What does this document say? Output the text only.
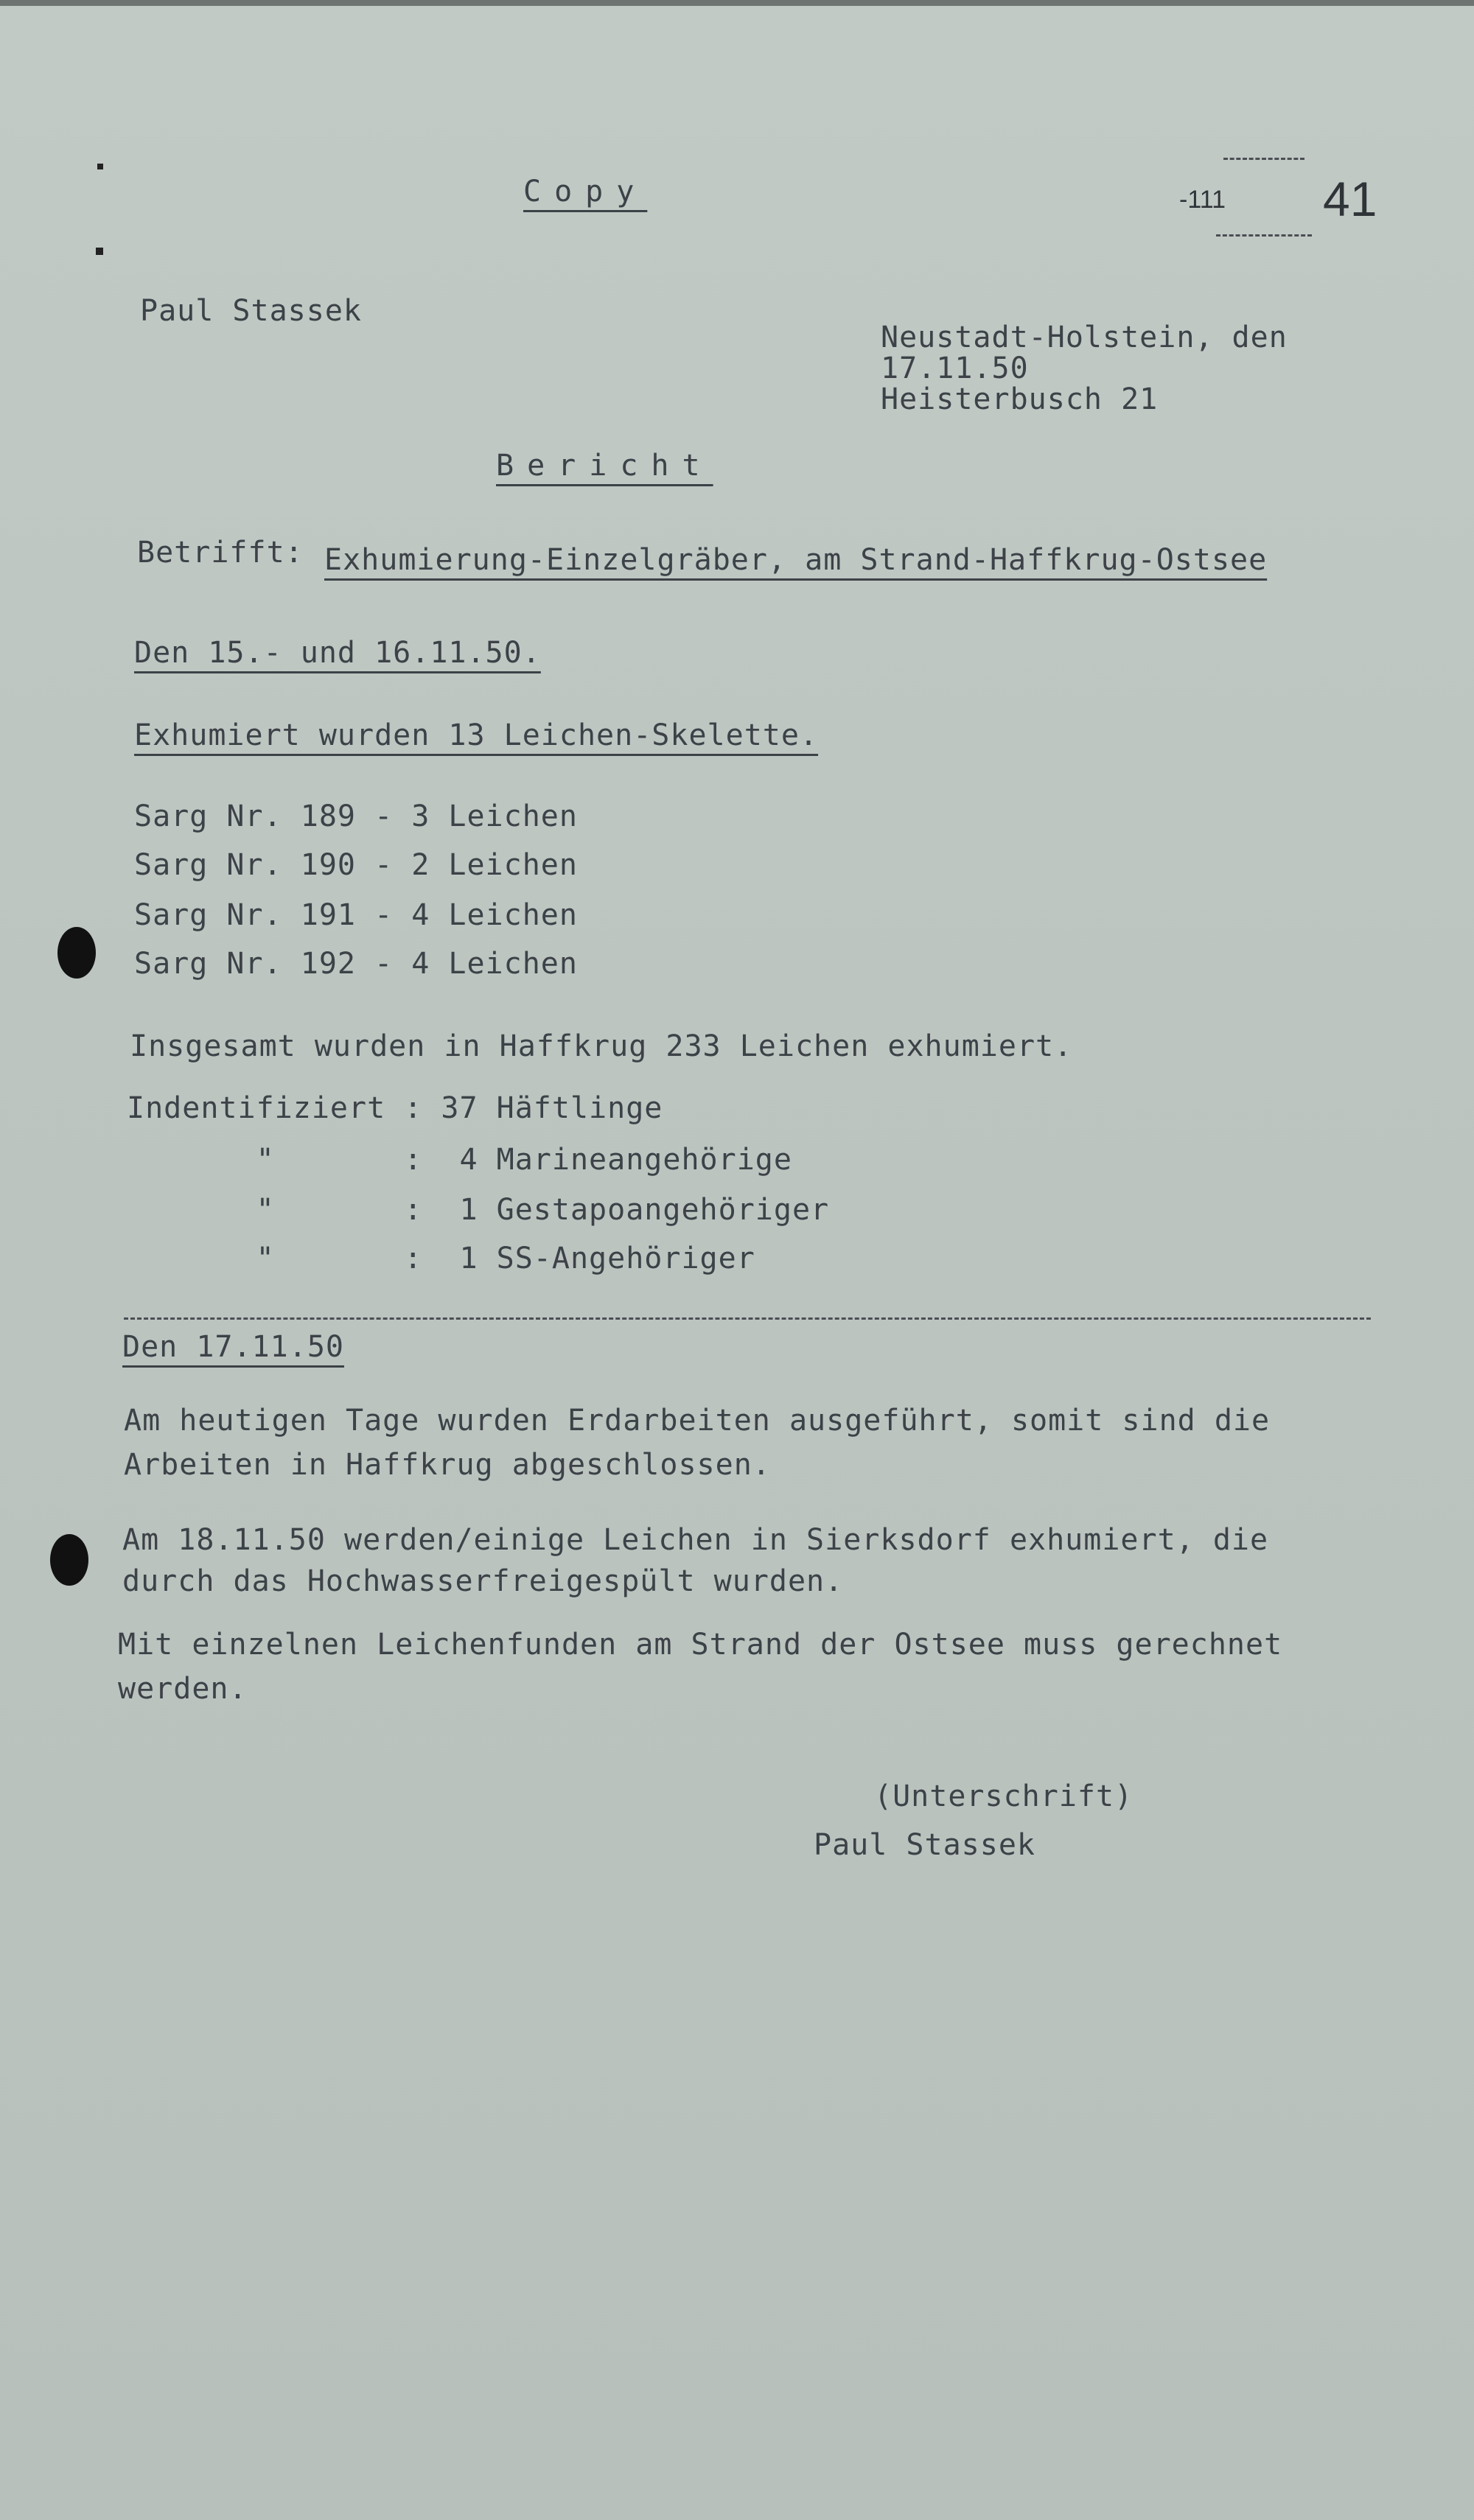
Copy	-111 41
Paul Stassek
Neustadt-Holstein, den
17.11.50
Heisterbusch 21
Bericht
Betrifft: Exhumierung-Einzelgräber, am Strand-Haffkrug-Ostsee
Den 15.- und 16.11.50.
Exhumiert wurden 13 Leichen-Skelette.
Sarg Nr. 189 - 3 Leichen
Sarg Nr. 190 - 2 Leichen
Sarg Nr. 191 - 4 Leichen
Sarg Nr. 192 - 4 Leichen
Insgesamt wurden in Haffkrug 233 Leichen exhumiert.
Indentifiziert : 37 Häftlinge
"       :  4 Marineangehörige
"       :  1 Gestapoangehöriger
"       :  1 SS-Angehöriger
Den 17.11.50
Am heutigen Tage wurden Erdarbeiten ausgeführt, somit sind die
Arbeiten in Haffkrug abgeschlossen.
Am 18.11.50 werden/einige Leichen in Sierksdorf exhumiert, die
durch das Hochwasserfreigespült wurden.
Mit einzelnen Leichenfunden am Strand der Ostsee muss gerechnet
werden.
(Unterschrift)
Paul Stassek
